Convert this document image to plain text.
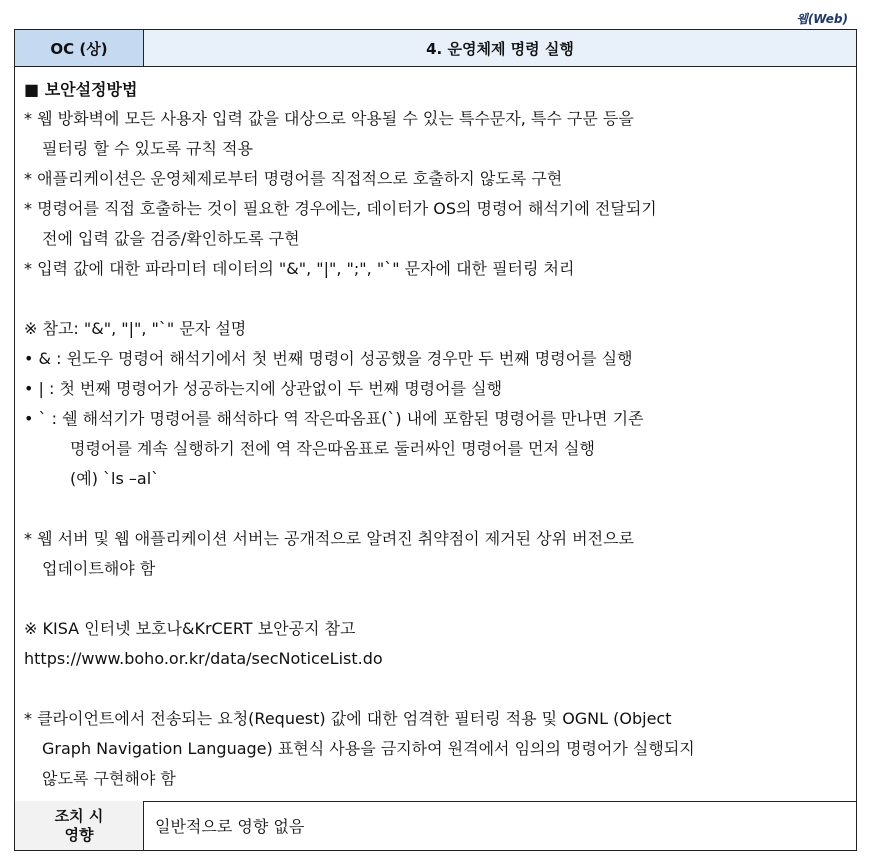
웹(Web)
OC (상)	4. 운영체제 명령 실행
■ 보안설정방법
* 웹 방화벽에 모든 사용자 입력 값을 대상으로 악용될 수 있는 특수문자, 특수 구문 등을
필터링 할 수 있도록 규칙 적용
* 애플리케이션은 운영체제로부터 명령어를 직접적으로 호출하지 않도록 구현
* 명령어를 직접 호출하는 것이 필요한 경우에는, 데이터가 OS의 명령어 해석기에 전달되기
전에 입력 값을 검증/확인하도록 구현
* 입력 값에 대한 파라미터 데이터의 "&", "|", ";", "`" 문자에 대한 필터링 처리
※ 참고: "&", "|", "`" 문자 설명
• & : 윈도우 명령어 해석기에서 첫 번째 명령이 성공했을 경우만 두 번째 명령어를 실행
• | : 첫 번째 명령어가 성공하는지에 상관없이 두 번째 명령어를 실행
• ` : 쉘 해석기가 명령어를 해석하다 역 작은따옴표(`) 내에 포함된 명령어를 만나면 기존
명령어를 계속 실행하기 전에 역 작은따옴표로 둘러싸인 명령어를 먼저 실행
(예) `ls –al`
* 웹 서버 및 웹 애플리케이션 서버는 공개적으로 알려진 취약점이 제거된 상위 버전으로
업데이트해야 함
※ KISA 인터넷 보호나&KrCERT 보안공지 참고
https://www.boho.or.kr/data/secNoticeList.do
* 클라이언트에서 전송되는 요청(Request) 값에 대한 엄격한 필터링 적용 및 OGNL (Object
Graph Navigation Language) 표현식 사용을 금지하여 원격에서 임의의 명령어가 실행되지
않도록 구현해야 함
조치 시
영향	일반적으로 영향 없음
